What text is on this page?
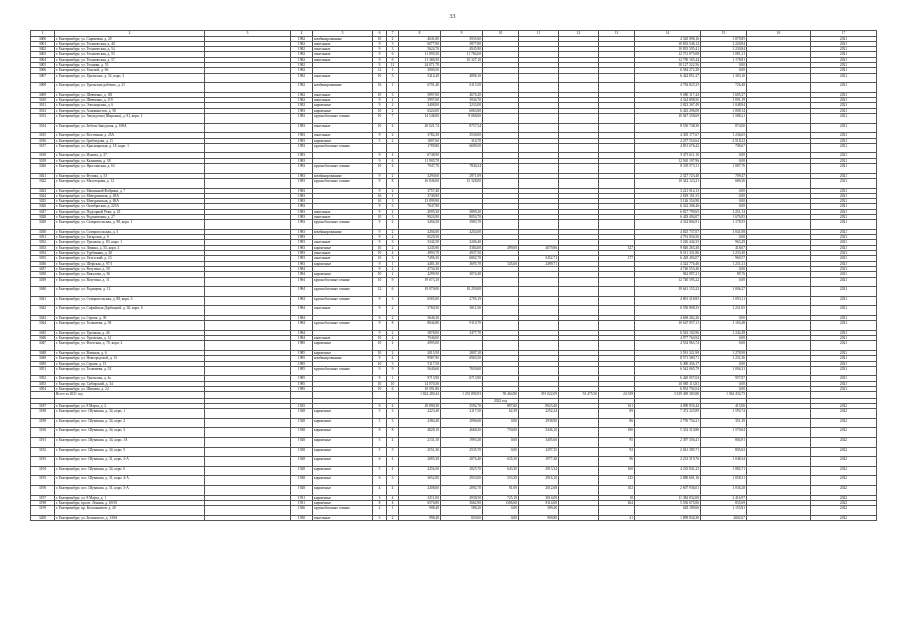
33
1	2	3	4	5	6	7	8	9	10	11	12	13	14	15	16	17
3000	г. Екатеринбург, ул. Сиреневая, д. 20		1982	комбинированные	10	2	4041,80	3935,60					4 520 898,16	1 879,85		2021
3001	г. Екатеринбург, ул. Техническая, д. 40		1982	панельные	9	3	6077,90	5877,80					10 835 546,12	1 220,84		2021
3002	г. Екатеринбург, ул. Техническая, д. 54		1982	панельные	9	3	5624,70	4945,90					10 835 595,41	1 230,84		2021
3003	г. Екатеринбург, ул. Техническая, д. 55		1982	панельные	9	6	11 895,50	11 784,60					12 751 075,08	1 081,21		2021
3004	г. Екатеринбург, ул. Техническая, д. 57		1982	панельные	9	6	11 380,50	10 327,10					12 750 165,44	1 178,81		2021
3005	г. Екатеринбург, ул. Техники, д. 53		1982		9	12	24 071,70						10 127 322,56	0,00		2021
3006	г. Екатеринбург, ул. Томской, д. 66		1982		12	1	3000,50						6 584 272,28	0,00		2021
3007	г. Екатеринбург, ул. Уральских, д. 52, корп. 3		1982	панельные	10	5	5414,20	4808,10					6 424 851,27	1 303,10		2021
3008	г. Екатеринбург, ул. Уральских рабочих, д. 21		1982	комбинированные	16	1	6791,40	6115,50					4 784 825,35	726,48		2021
3009	г. Екатеринбург, ул. Шевченко, д. 181		1982	панельные	10	3	5897,00	4676,20					9 080 117,44	1 605,37		2021
3010	г. Екатеринбург, ул. Шевченко, д. 119		1982	панельные	9	2	3997,00	3934,70					4 324 898,50	1 091,19		2021
3011	г. Екатеринбург, ул. Элеонорская, д. 6		1982	кирпичные	9	2	3408,00	3233,00					2 823 367,49	1 048,84		2021
3012	г. Екатеринбург, ул. Альпинистов, д. 58		1983	кирпичные	10	2	6324,00	6063,00					6 423 296,08	1 008,14		2021
3013	г. Екатеринбург, ул. Амундсена (Широкая), д. 81, корп. 1		1983	крупноблочные сенные	10	7	14 548,00	9 068,00					10 047 358,69	1 588,21		2021
3014	г. Екатеринбург, ул. Бебеля-Заводская, д. 168А		1983	панельные	10	4	20 021,74	8757,54					8 530 748,30	874,00		2021
3015	г. Екатеринбург, ул. Восточная, д. 25А		1983	панельные	9	2	3782,30	3530,00					4 305 177,67	1 236,65		2021
3016	г. Екатеринбург, ул. Грибоедова, д. 11		1983	кирпичные	5	2	1807,60	316,70					2 257 554,64	2 518,22		2021
3017	г. Екатеринбург, ул. Красноярская, д. 18, корп. 1		1983	крупноблочные сенные			1789,80	6699,50					4 851 676,42	706,67		2021
3018	г. Екатеринбург, ул. Ильича, д. 27		1983		9	4	6748,90						5 473 611,10	0,00		2021
3019	г. Екатеринбург, ул. Калинина, д. 58		1983		9	6	11 905,70						12 565 197,96	0,00		2021
3020	г. Екатеринбург, ул. Ярославская, д. 63		1983	крупноблочные сенные	10	4	7947,70	7840,34					8 335 573,11	1 087,76		2021
3021	г. Екатеринбург, ул. Фучика, д. 53		1983	комбинированные	9	2	3290,60	2971,09					2 327 723,40	709,47		2021
3022	г. Екатеринбург, ул. Малогорная, д. 12		1983	крупноблочные сенные	9	8	16 846,00	15 328,00					10 342 123,21	686,36		2021
3023	г. Екатеринбург, ул. Машинной Фабрики, д. 7		1983		9	2	3757,40						3 221 914,13	0,00		2021
3024	г. Екатеринбург, ул. Мичуринская, д. 49А		1983		16	1	3740,90						2 818 101,53	0,00		2021
3025	г. Екатеринбург, ул. Мичуринская, д. 69А		1983		16	3	13 899,90						3 126 354,98	0,00		2021
3026	г. Екатеринбург, ул. Октябрьская, д. 225А		1983		9	3	7647,90						6 322 306,46	0,00		2021
3027	г. Екатеринбург, ул. Подгорной Реки, д. 23		1983	панельные	9	2	4095,30	3899,20					6 827 799,65	1 251,14		2021
3028	г. Екатеринбург, ул. Родонитовая, д. 27		1983	панельные	10	3	9024,90	8054,70					6 429 494,07	1 676,85		2021
3029	г. Екатеринбург, ул. Ставропольская, д. 98, корп. 1		1983	крупноблочные сенные	9	2	3494,50	3983,70					4 332 804,91	1 178,55		2021
3030	г. Екатеринбург, ул. Ставропольская, д. 3		1983	комбинированные	9	2	4204,00	4254,00					4 825 737,07	1 041,08		2021
3031	г. Екатеринбург, ул. Татарская, д. 6		1983		9	2	6520,50						4 791 054,56	0,00		2021
3032	г. Екатеринбург, ул. Уралмаш, д. 83, корп. 1		1983	панельные	9	3	3342,50	2206,40					3 226 444,33	963,29		2021
3033	г. Екатеринбург, ул. Ленина, д. 55, корп. 3		1983	кирпичные	10	2	3245,90	5384,00	499,00	4079,86		527	9 840 263,38	418,67		2021
3034	г. Екатеринбург, ул. Турбинная, д. 40		1983	панельные	10	4	4993,70	4937,50					8 511 331,86	1 233,30		2021
3035	г. Екатеринбург, ул. Уктусский, д. 23		1983	панельные	10	3	7496,30	6802,70		5452,71		177	6 429 494,07	969,57		2021
3036	г. Екатеринбург, ул. Шефская, д. 97/1		1983	кирпичные	9	1	4481,30	3695,70	345,60	2499,71			4 324 776,46	1 231,41		2021
3037	г. Екатеринбург, ул. Ватутина, д. 50		1984		9	2	4734,30						4 740 553,46	0,00		2021
3038	г. Екатеринбург, ул. Викулова, д. 36		1984	кирпичные	10	2	4299,50	3074,40					942 897,21	89,76		2021
3039	г. Екатеринбург, ул. Ватутина, д. 11		1984	крупноблочные сенные	10	9	19 673,10						12 740 595,22	0,00		2021
3040	г. Екатеринбург, ул. Радищева, д. 12		1984	крупноблочные сенные	12	6	19 879,00	18 250,00					10 641 155,23	1 006,27		2021
3041	г. Екатеринбург, ул. Ставропольская, д. 88, корп. 3		1984	крупноблочные сенные	9	3	6585,00	2705,19					4 801 318,83	1 093,11		2021
3042	г. Екатеринбург, ул. Софийская Дорбицкой, д. 30, корп. 6		1984	панельные	9	2	3760,50	3811,50					6 550 808,35	1 231,05		2021
3043	г. Екатеринбург, ул. Серова, д. 39		1984		9	2	3646,30						4 669 262,26	0,00		2021
3044	г. Екатеринбург, ул. Толмачева, д. 58		1984	крупноблочные сенные	9	8	8844,80	9110,70					10 647 057,11	1 103,48		2021
3045	г. Екатеринбург, ул. Уралмаш, д. 40		1984		9	2	3878,00	3477,70					6 543 102,96	1 242,49		2021
3046	г. Екатеринбург, ул. Уральская, д. 12		1984	панельные	10	4	7940,00						4 977 764,94	0,00		2021
3047	г. Екатеринбург, ул. Флотская, д. 70, корп. 2		1985	кирпичные	10	2	4995,00						4 534 963,74	0,00		2021
3048	г. Екатеринбург, ул. Военная, д. 6		1985	кирпичные	10	2	2015,50	2807,10					3 591 321,90	1 278,90		2021
3049	г. Екатеринбург, ул. Новгородской, д. 13		1985	комбинированные	9	4	9987,90	6903,50					8 571 380,71	1 231,36		2021
3050	г. Екатеринбург, ул. Серова, д. 15		1985		10	3	5117,50						6 400 456,17	0,00		2021
3051	г. Екатеринбург, ул. Толмачева, д. 33		1985	крупноблочные сенные	9	9	5640,60	7650,60					6 542 065,79	1 094,31		2021
3052	г. Екатеринбург, ул. Уральская, д. 4а		1985		9	1	9713,90	6713,90					6 420 057,04	957,87		2021
3053	г. Екатеринбург, пр. Сибирский, д. 34		1985		10	10	14 070,30						10 085 113,81	0,00		2021
3054	г. Екатеринбург, ул. Шишева, д. 24		1985		10	6	10 091,80						6 933 792,04	0,00		2021
	Всего за 2021 год						1 824 280,44	1 253 890,93	58 464,80	391 022,09	53 475,50	24 339	3 339 409 383,80	1 562 434,75		
									2022 год							
3187	г. Екатеринбург, ул. 8 Марта, д. 2		1925		9	4	29 890,30	5592,70	897,60	8923,40		161	4 090 835,44	415,06		2022
3188	г. Екатеринбург, пос. Шувакиш, д. 34, корп. 1		1928	кирпичные	5	3	2223,40	2117,50	62,39	2252,24		89	7 472 325,89	1 593,74		2022
3189	г. Екатеринбург, пос. Шувакиш, д. 34, корп. 2		1928	кирпичные	3	3	2384,40	2096,60	0,00	2938,90		86	2 750 754,21	351,39		2022
3190	г. Екатеринбург, пос. Шувакиш, д. 34, корп. 3		1928	кирпичные	8	8	4828,10	4668,20	750,00	5446,10		180	5 352 310,80	1 570,04		2022
3191	г. Екатеринбург, пос. Шувакиш, д. 34, корп. 1А		1928	кирпичные	5	4	2131,10	1993,30	0,00	3405,60		95	2 397 356,41	804,91		2022
3192	г. Екатеринбург, пос. Шувакиш, д. 34, корп. 5		1928	кирпичные	5	5	2551,30	2535,70	0,00	3297,35		92	2 041 385,71	805,63		2022
3193	г. Екатеринбург, пос. Шувакиш, д. 31, корп. 2-А		1928	кирпичные	6	4	2085,30	2076,40	635,30	1977,40		96	2 233 319,76	1 048,34		2022
3194	г. Екатеринбург, пос. Шувакиш, д. 34, корп. 6		1928	кирпичные	5	4	2256,50	2025,70	643,30	2913,34		160	4 235 841,23	1 884,71		2022
3195	г. Екатеринбург, пос. Шувакиш, д. 31, корп. 4-А		1928	кирпичные	6	3	3652,00	2933,00	333,30	2916,10		125	2 080 601,16	1 058,31		2022
3196	г. Екатеринбург, пос. Шувакиш, д. 31, корп. 5-А		1928	кирпичные	4	4	2408,60	2092,70	81,00	2012,68		102	2 607 936,01	1 036,28		2022
3197	г. Екатеринбург, ул. 8 Марта, д. 1		1931	кирпичные	3	4	3211,00	4938,50	725,10	3014,00		10	11 382 832,00	2 416,97		2022
3198	г. Екатеринбург, просп. Ленина, д. 69/10		1931	кирпичные	8	4	6576,80	5662,90	1386,60	8114,00		264	5 556 675,06	835,69		2022
3199	г. Екатеринбург, пр. Космонавтов, д. 20		1946	крупноблочные сенные	2	1	908,40	588,20	0,00	589,40			629 189,66	1 155,81		2022
3200	г. Екатеринбург, ул. Белинского, д. 130А		1950	панельные	3	2	998,40	829,60	0,00	909,80		41	1 899 834,30	2002,67		2022
